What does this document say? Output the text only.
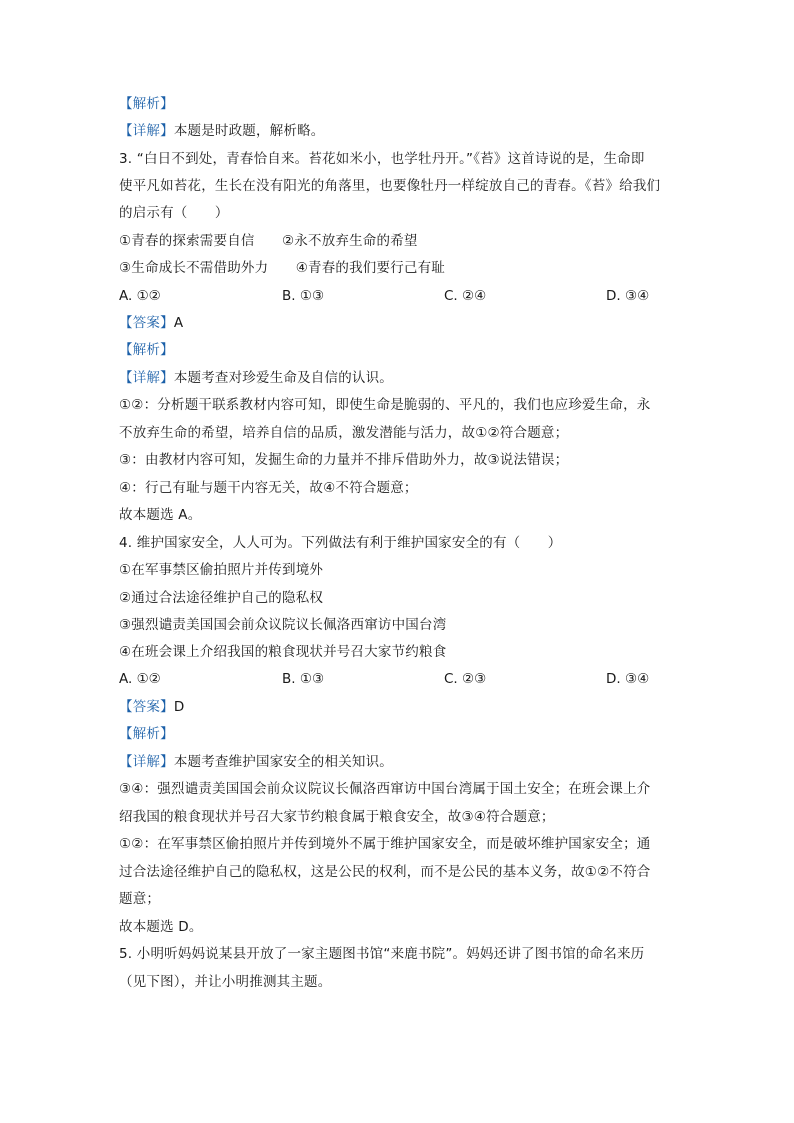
【解析】
【详解】本题是时政题，解析略。
3. “白日不到处，青春恰自来。苔花如米小，也学牡丹开。”《苔》这首诗说的是，生命即
使平凡如苔花，生长在没有阳光的角落里，也要像牡丹一样绽放自己的青春。《苔》给我们
的启示有（　　）
①青春的探索需要自信　　②永不放弃生命的希望
③生命成长不需借助外力　　④青春的我们要行己有耻
【答案】A
【解析】
【详解】本题考查对珍爱生命及自信的认识。
①②：分析题干联系教材内容可知，即使生命是脆弱的、平凡的，我们也应珍爱生命，永
不放弃生命的希望，培养自信的品质，激发潜能与活力，故①②符合题意；
③：由教材内容可知，发掘生命的力量并不排斥借助外力，故③说法错误；
④：行己有耻与题干内容无关，故④不符合题意；
故本题选 A。
4. 维护国家安全，人人可为。下列做法有利于维护国家安全的有（　　）
①在军事禁区偷拍照片并传到境外
②通过合法途径维护自己的隐私权
③强烈谴责美国国会前众议院议长佩洛西窜访中国台湾
④在班会课上介绍我国的粮食现状并号召大家节约粮食
【答案】D
【解析】
【详解】本题考查维护国家安全的相关知识。
③④：强烈谴责美国国会前众议院议长佩洛西窜访中国台湾属于国土安全；在班会课上介
绍我国的粮食现状并号召大家节约粮食属于粮食安全，故③④符合题意；
①②：在军事禁区偷拍照片并传到境外不属于维护国家安全，而是破坏维护国家安全；通
过合法途径维护自己的隐私权，这是公民的权利，而不是公民的基本义务，故①②不符合
题意；
故本题选 D。
5. 小明听妈妈说某县开放了一家主题图书馆“来鹿书院”。妈妈还讲了图书馆的命名来历
（见下图），并让小明推测其主题。
A. ①②	B. ①③	C. ②④	D. ③④
A. ①②	B. ①③	C. ②③	D. ③④
